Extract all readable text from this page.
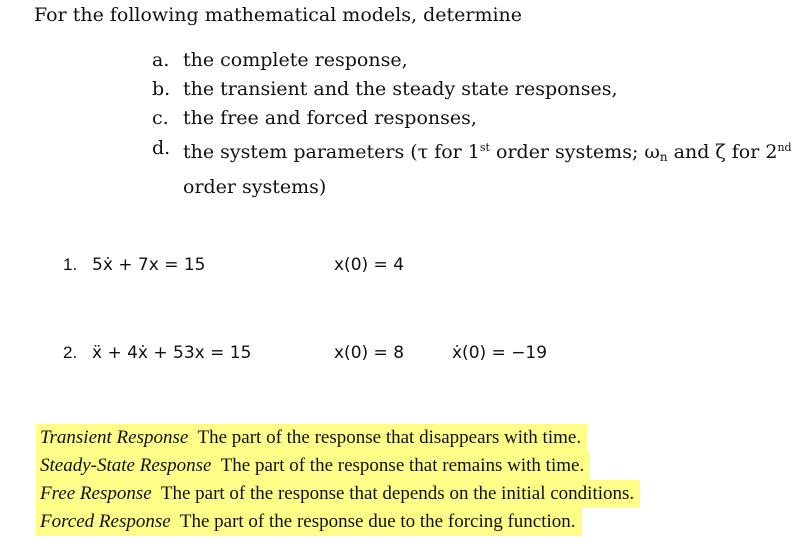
For the following mathematical models, determine
a. the complete response,
b. the transient and the steady state responses,
c. the free and forced responses,
d. the system parameters (τ for 1st order systems; $\omega_n$ and ζ for 2nd order systems)
1. 5ẋ + 7x = 15	x(0) = 4
2. ẍ + 4ẋ + 53x = 15	x(0) = 8	ẋ(0) = −19
Transient Response The part of the response that disappears with time.
Steady-State Response The part of the response that remains with time.
Free Response The part of the response that depends on the initial conditions.
Forced Response The part of the response due to the forcing function.
